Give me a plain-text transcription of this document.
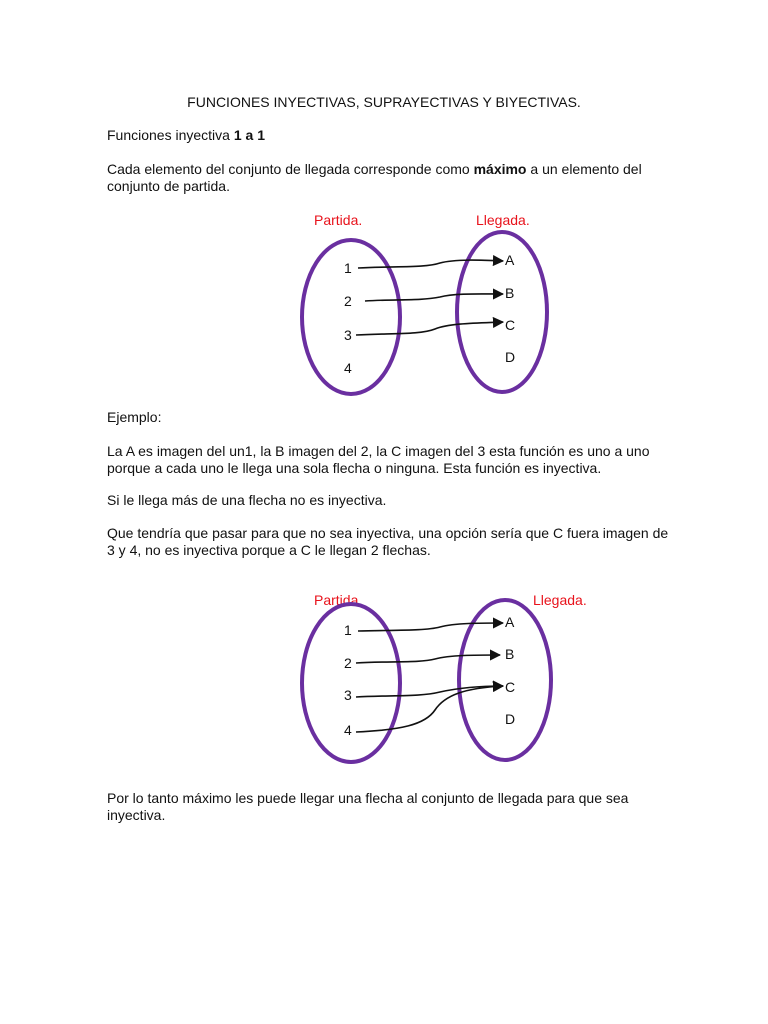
FUNCIONES INYECTIVAS, SUPRAYECTIVAS Y BIYECTIVAS.
Funciones inyectiva 1 a 1
Cada elemento del conjunto de llegada corresponde como máximo a un elemento del conjunto de partida.
Partida.	Llegada.
1
2
3
4
A
B
C
D
Ejemplo:
La A es imagen del un1, la B imagen del 2, la C imagen del 3 esta función es uno a uno porque a cada uno le llega una sola flecha o ninguna. Esta función es inyectiva.
Si le llega más de una flecha no es inyectiva.
Que tendría que pasar para que no sea inyectiva, una opción sería que C fuera imagen de 3 y 4, no es inyectiva porque a C le llegan 2 flechas.
Partida.	Llegada.
1
2
3
4
A
B
C
D
Por lo tanto máximo les puede llegar una flecha al conjunto de llegada para que sea inyectiva.
